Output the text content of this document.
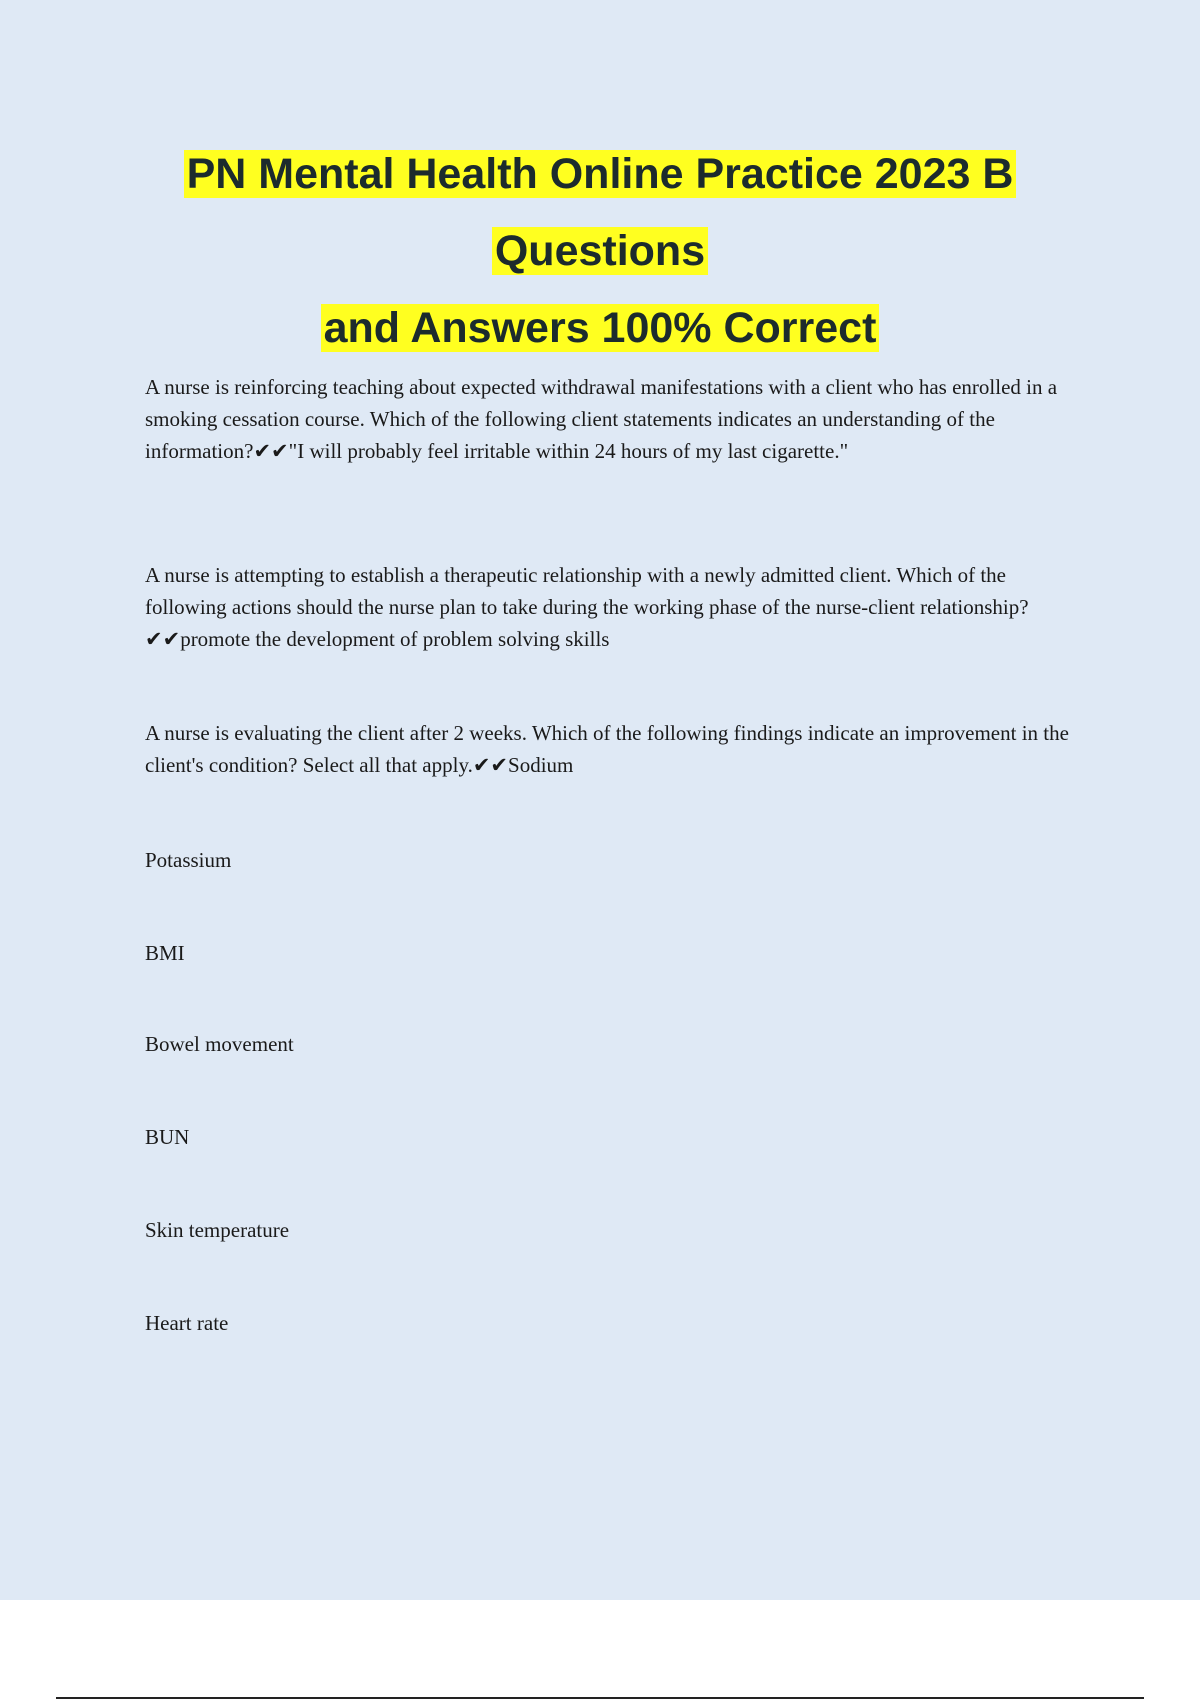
PN Mental Health Online Practice 2023 B
Questions
and Answers 100% Correct

A nurse is reinforcing teaching about expected withdrawal manifestations with a client who has enrolled in a smoking cessation course. Which of the following client statements indicates an understanding of the information?✔✔"I will probably feel irritable within 24 hours of my last cigarette."

A nurse is attempting to establish a therapeutic relationship with a newly admitted client. Which of the following actions should the nurse plan to take during the working phase of the nurse-client relationship?✔✔promote the development of problem solving skills

A nurse is evaluating the client after 2 weeks. Which of the following findings indicate an improvement in the client's condition? Select all that apply.✔✔Sodium

Potassium

BMI

Bowel movement

BUN

Skin temperature

Heart rate
